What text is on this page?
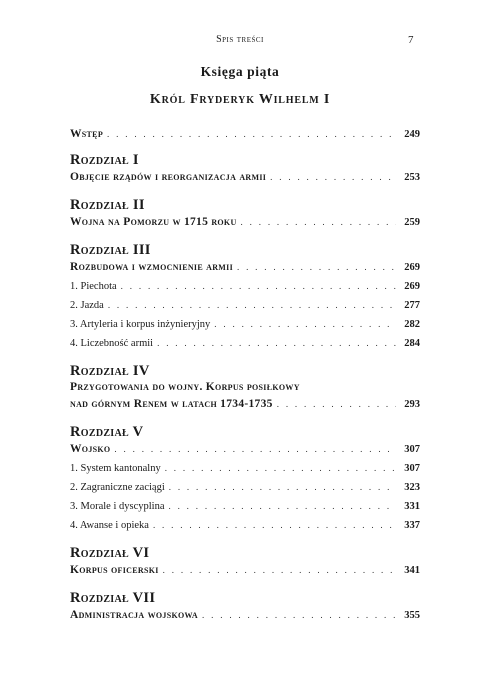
Spis treści	7
Księga piąta
Król Fryderyk Wilhelm I
Wstęp . . .	249
Rozdział I
Objęcie rządów i reorganizacja armii . . .	253
Rozdział II
Wojna na Pomorzu w 1715 roku . . .	259
Rozdział III
Rozbudowa i wzmocnienie armii . . .	269
1. Piechota . . .	269
2. Jazda . . .	277
3. Artyleria i korpus inżynieryjny . . .	282
4. Liczebność armii . . .	284
Rozdział IV
Przygotowania do wojny. Korpus posiłkowy
nad górnym Renem w latach 1734-1735 . . .	293
Rozdział V
Wojsko . . .	307
1. System kantonalny . . .	307
2. Zagraniczne zaciągi . . .	323
3. Morale i dyscyplina . . .	331
4. Awanse i opieka . . .	337
Rozdział VI
Korpus oficerski . . .	341
Rozdział VII
Administracja wojskowa . . .	355
